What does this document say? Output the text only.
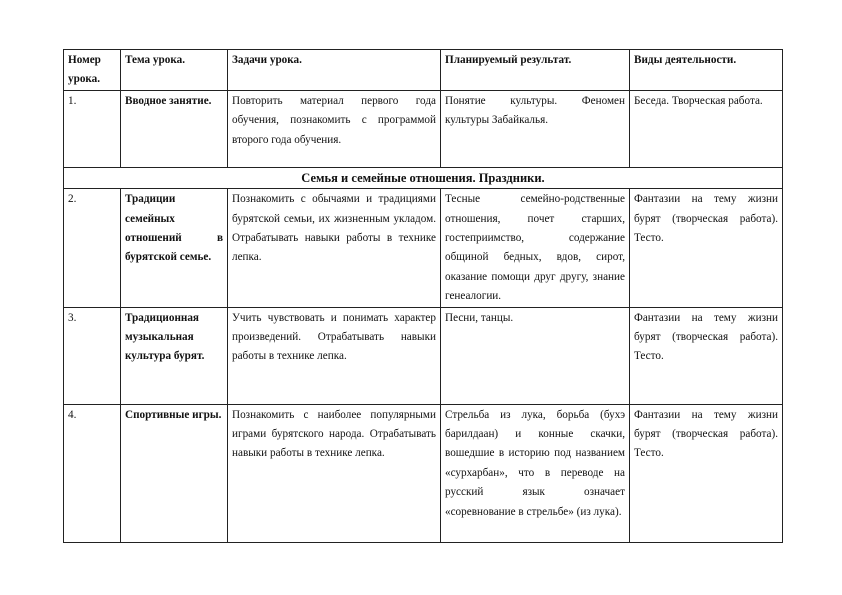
Номер урока.	Тема урока.	Задачи урока.	Планируемый результат.	Виды деятельности.
1.	Вводное занятие.	Повторить материал первого года обучения, познакомить с программой второго года обучения.	Понятие культуры. Феномен культуры Забайкалья.	Беседа. Творческая работа.
Семья и семейные отношения. Праздники.				
2.	Традиции семейных отношений в бурятской семье.	Познакомить с обычаями и традициями бурятской семьи, их жизненным укладом. Отрабатывать навыки работы в технике лепка.	Тесные семейно-родственные отношения, почет старших, гостеприимство, содержание общиной бедных, вдов, сирот, оказание помощи друг другу, знание генеалогии.	Фантазии на тему жизни бурят (творческая работа). Тесто.
3.	Традиционная музыкальная культура бурят.	Учить чувствовать и понимать характер произведений. Отрабатывать навыки работы в технике лепка.	Песни, танцы.	Фантазии на тему жизни бурят (творческая работа). Тесто.
4.	Спортивные игры.	Познакомить с наиболее популярными играми бурятского народа. Отрабатывать навыки работы в технике лепка.	Стрельба из лука, борьба (бухэ барилдаан) и конные скачки, вошедшие в историю под названием «сурхарбан», что в переводе на русский язык означает «соревнование в стрельбе» (из лука).	Фантазии на тему жизни бурят (творческая работа). Тесто.
